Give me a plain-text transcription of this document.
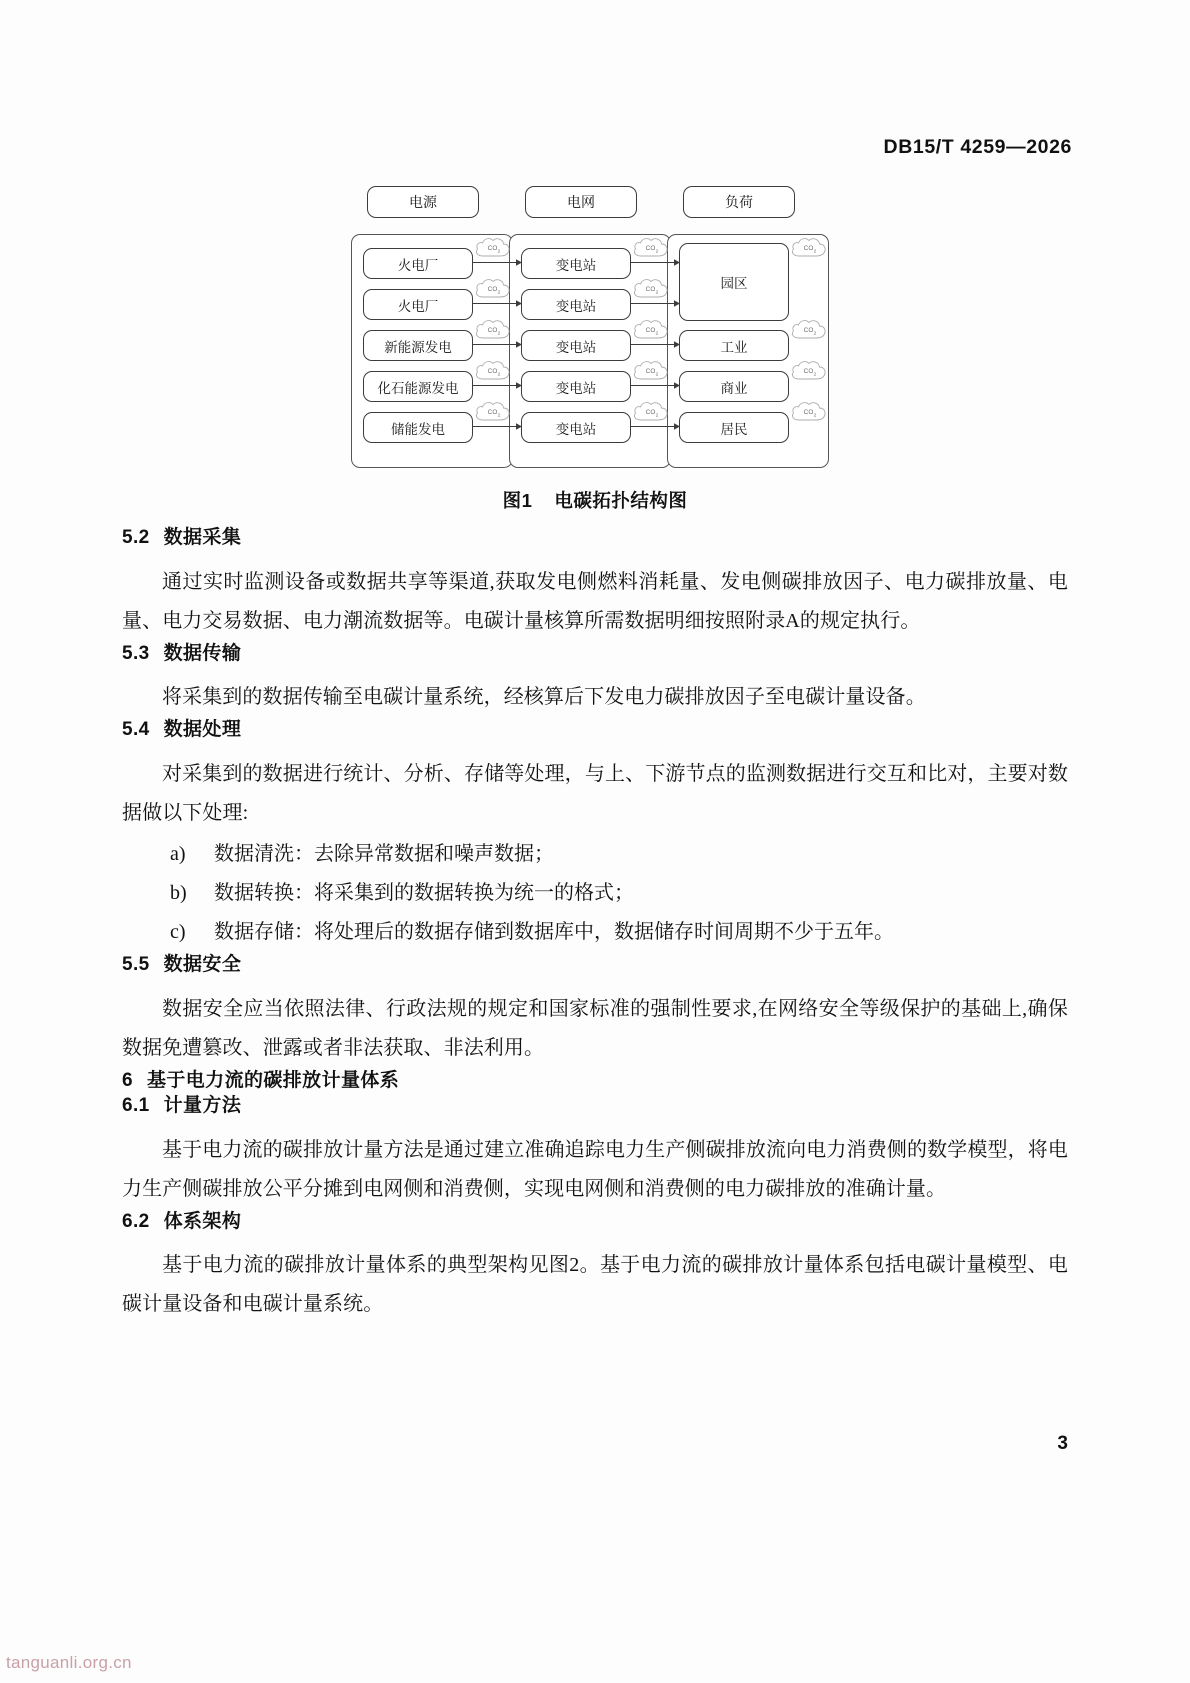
DB15/T 4259—2026
电源	电网	负荷
火电厂
火电厂
新能源发电
化石能源发电
储能发电
变电站
变电站
变电站
变电站
变电站
园区
工业
商业
居民
$CO_2$
$CO_2$
$CO_2$
$CO_2$
$CO_2$
$CO_2$
$CO_2$
$CO_2$
$CO_2$
$CO_2$
$CO_2$
$CO_2$
$CO_2$
$CO_2$
图1 电碳拓扑结构图
5.2 数据采集

通过实时监测设备或数据共享等渠道,获取发电侧燃料消耗量、发电侧碳排放因子、电力碳排放量、电量、电力交易数据、电力潮流数据等。电碳计量核算所需数据明细按照附录A的规定执行。

5.3 数据传输

将采集到的数据传输至电碳计量系统，经核算后下发电力碳排放因子至电碳计量设备。

5.4 数据处理

对采集到的数据进行统计、分析、存储等处理，与上、下游节点的监测数据进行交互和比对，主要对数据做以下处理:

a)	数据清洗：去除异常数据和噪声数据；
b)	数据转换：将采集到的数据转换为统一的格式；
c)	数据存储：将处理后的数据存储到数据库中，数据储存时间周期不少于五年。
5.5 数据安全

数据安全应当依照法律、行政法规的规定和国家标准的强制性要求,在网络安全等级保护的基础上,确保数据免遭篡改、泄露或者非法获取、非法利用。

6 基于电力流的碳排放计量体系
6.1 计量方法

基于电力流的碳排放计量方法是通过建立准确追踪电力生产侧碳排放流向电力消费侧的数学模型，将电力生产侧碳排放公平分摊到电网侧和消费侧，实现电网侧和消费侧的电力碳排放的准确计量。

6.2 体系架构

基于电力流的碳排放计量体系的典型架构见图2。基于电力流的碳排放计量体系包括电碳计量模型、电碳计量设备和电碳计量系统。

3
tanguanli.org.cn
